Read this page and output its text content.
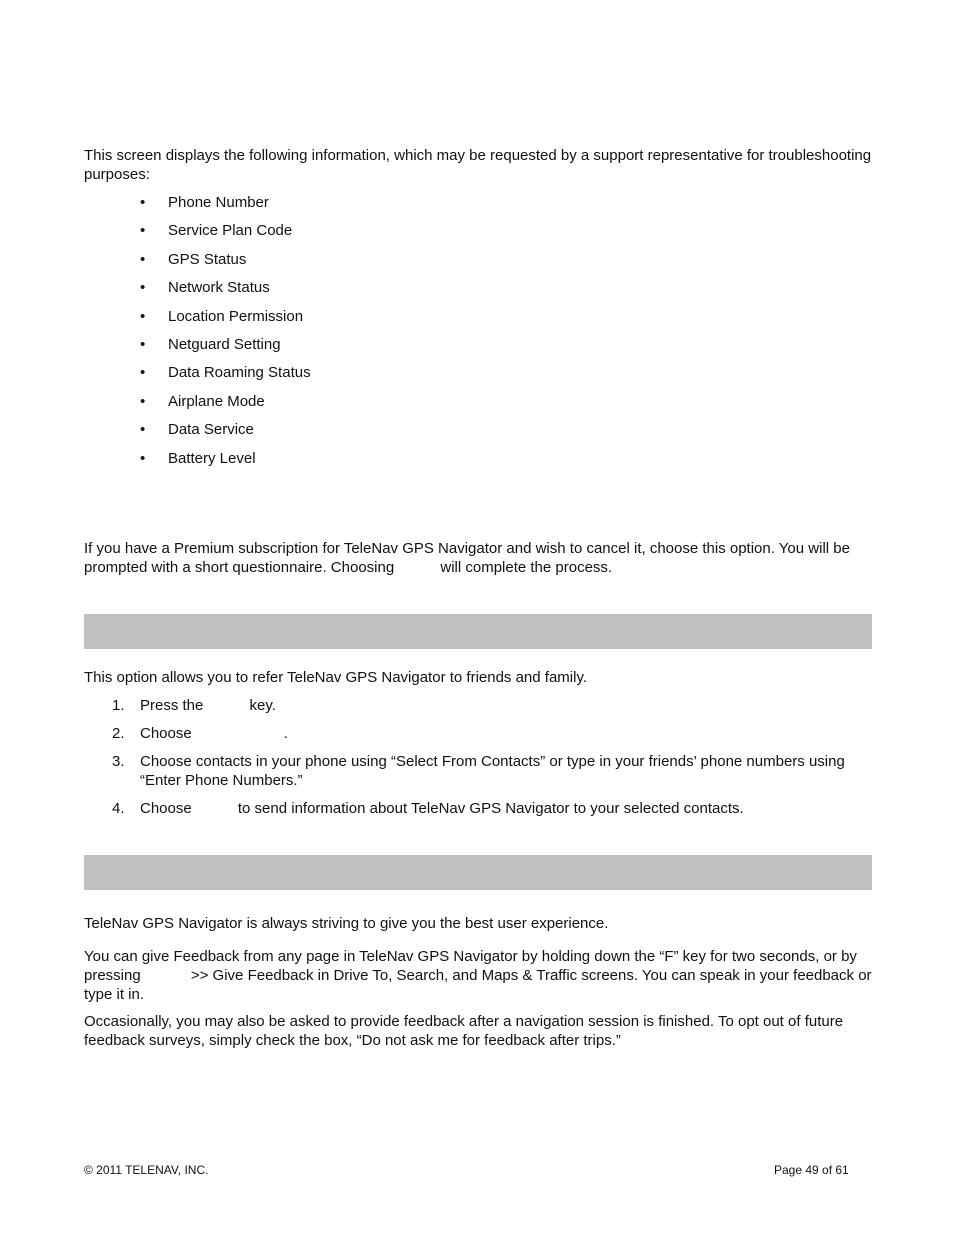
This screen displays the following information, which may be requested by a support representative for troubleshooting purposes:

• Phone Number
• Service Plan Code
• GPS Status
• Network Status
• Location Permission
• Netguard Setting
• Data Roaming Status
• Airplane Mode
• Data Service
• Battery Level

If you have a Premium subscription for TeleNav GPS Navigator and wish to cancel it, choose this option. You will be prompted with a short questionnaire. Choosing	will complete the process.

This option allows you to refer TeleNav GPS Navigator to friends and family.

1. Press the	key.
2. Choose	.
3. Choose contacts in your phone using “Select From Contacts” or type in your friends’ phone numbers using “Enter Phone Numbers.”
4. Choose	to send information about TeleNav GPS Navigator to your selected contacts.

TeleNav GPS Navigator is always striving to give you the best user experience.

You can give Feedback from any page in TeleNav GPS Navigator by holding down the “F” key for two seconds, or by pressing	>> Give Feedback in Drive To, Search, and Maps & Traffic screens. You can speak in your feedback or type it in.

Occasionally, you may also be asked to provide feedback after a navigation session is finished. To opt out of future feedback surveys, simply check the box, “Do not ask me for feedback after trips.”

© 2011 TELENAV, INC.	Page 49 of 61
